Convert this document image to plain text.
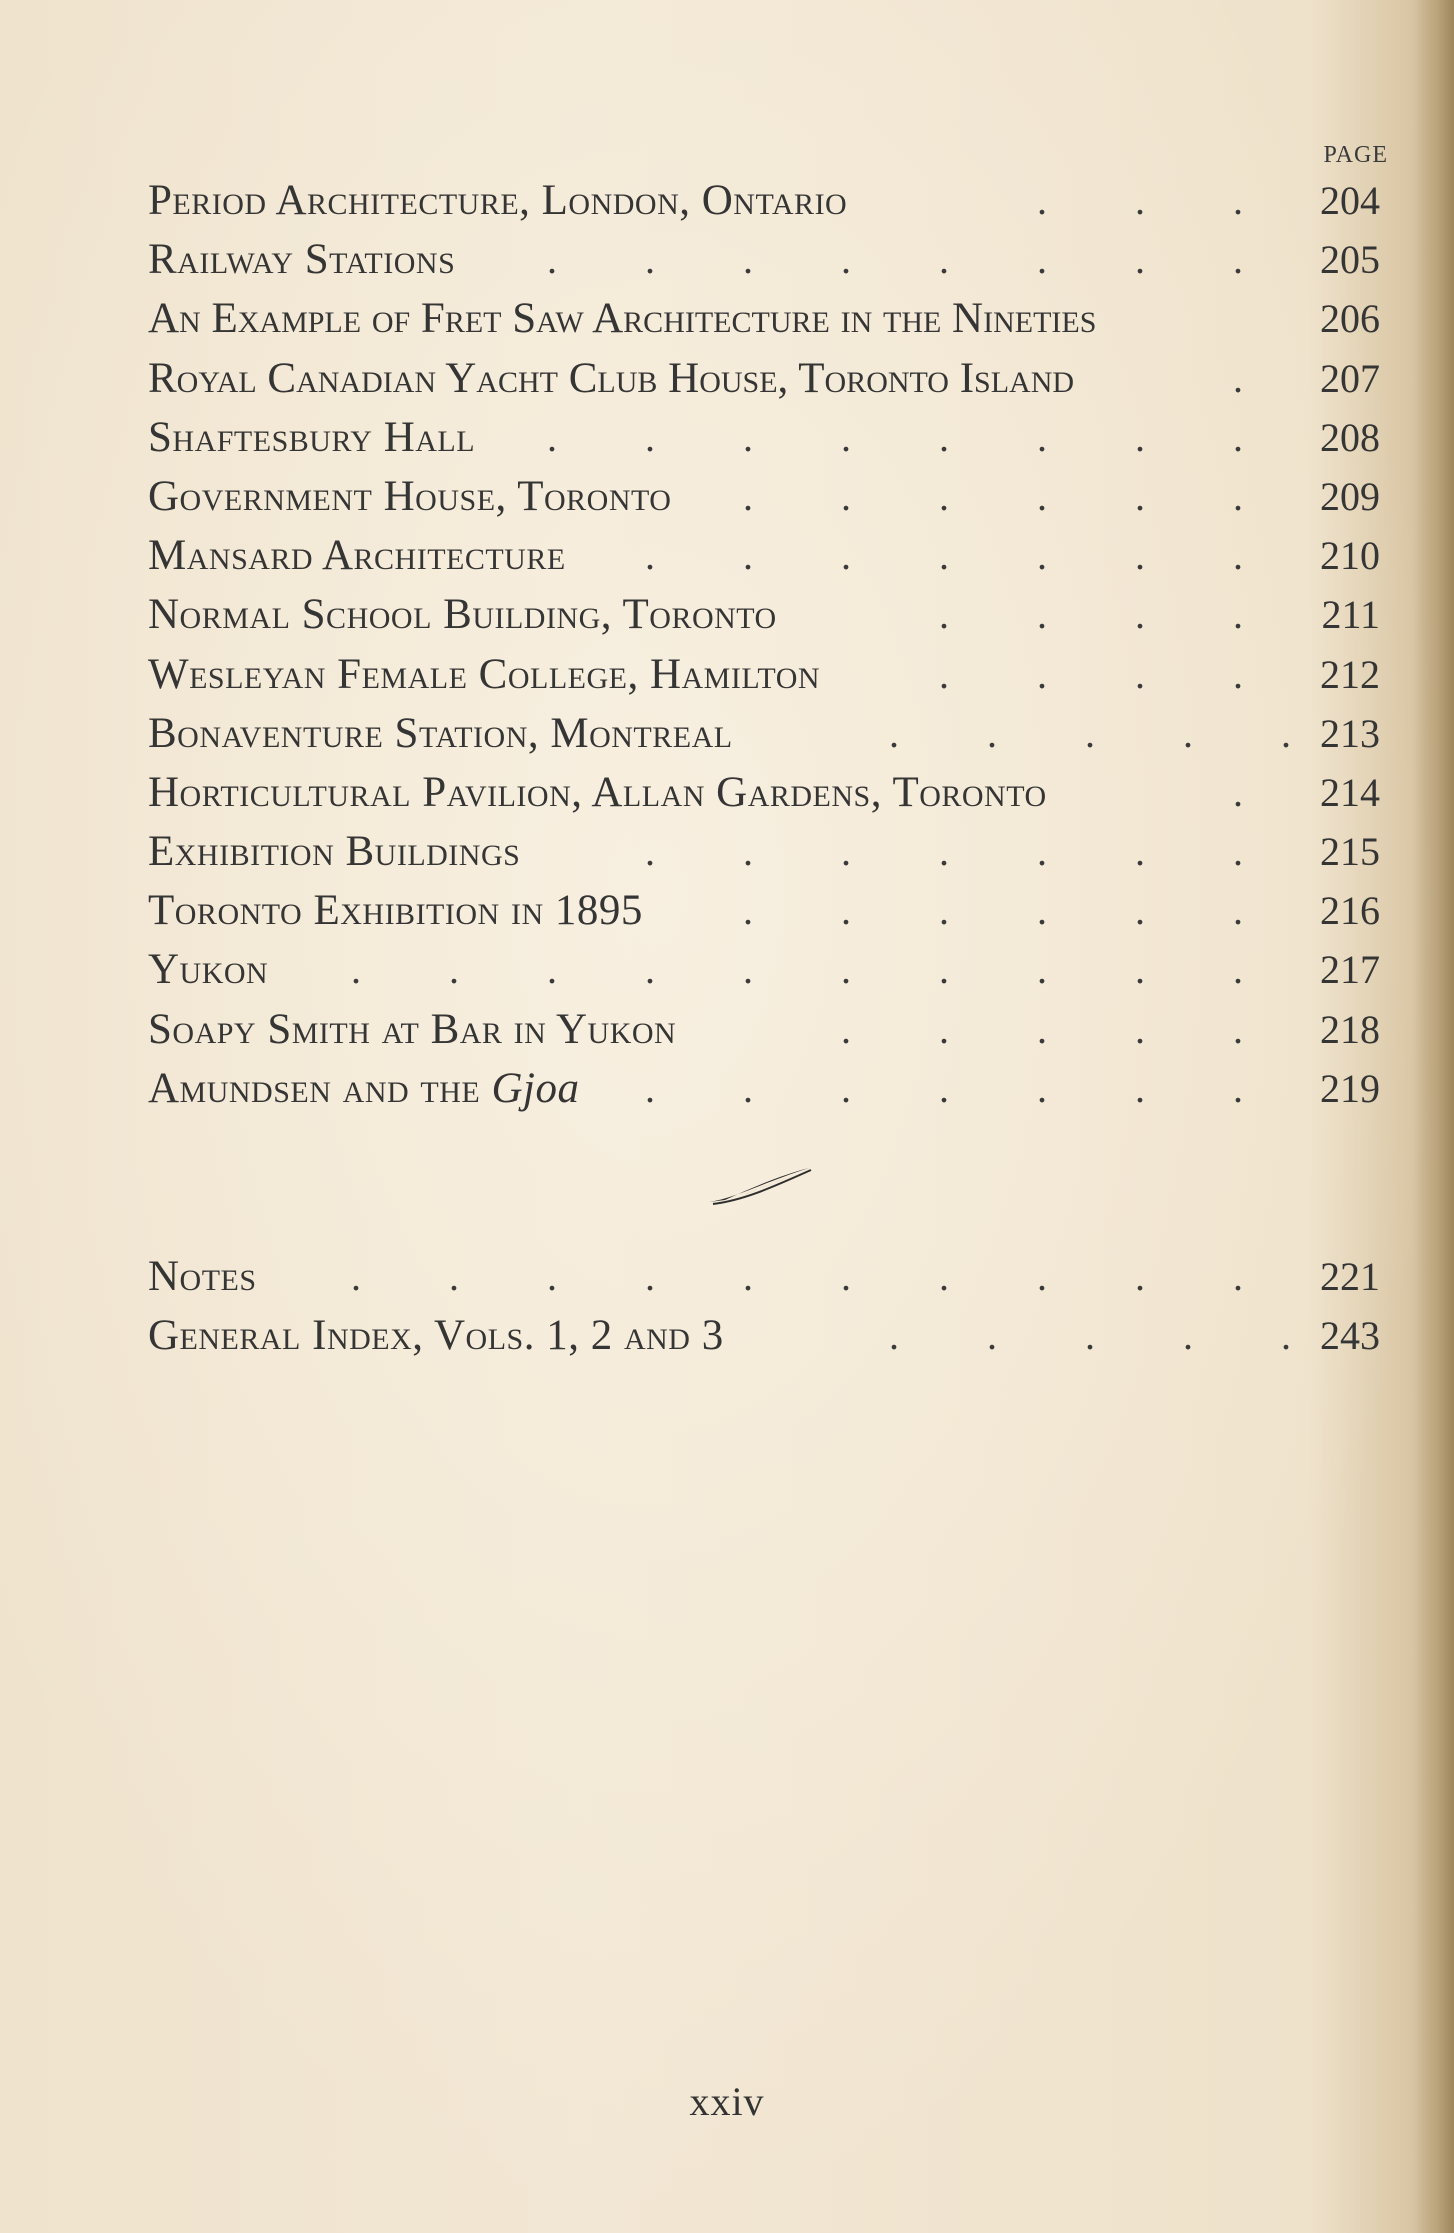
PAGE
Period Architecture, London, Ontario	. . .	204
Railway Stations . . . . . . . .	205
An Example of Fret Saw Architecture in the Nineties	206
Royal Canadian Yacht Club House, Toronto Island	.	207
Shaftesbury Hall . . . . . . . .	208
Government House, Toronto . . . . . .	209
Mansard Architecture . . . . . . .	210
Normal School Building, Toronto	. . . .	211
Wesleyan Female College, Hamilton	. . . .	212
Bonaventure Station, Montreal	. . . . . 213
Horticultural Pavilion, Allan Gardens, Toronto	.	214
Exhibition Buildings	. . . . . . .	215
Toronto Exhibition in 1895	. . . . . .	216
Yukon . . . . . . . . . .	217
Soapy Smith at Bar in Yukon	. . . . .	218
Amundsen and the Gjoa . . . . . . .	219
Notes . . . . . . . . . .	221
General Index, Vols. 1, 2 and 3	. . . . . 243
xxiv
